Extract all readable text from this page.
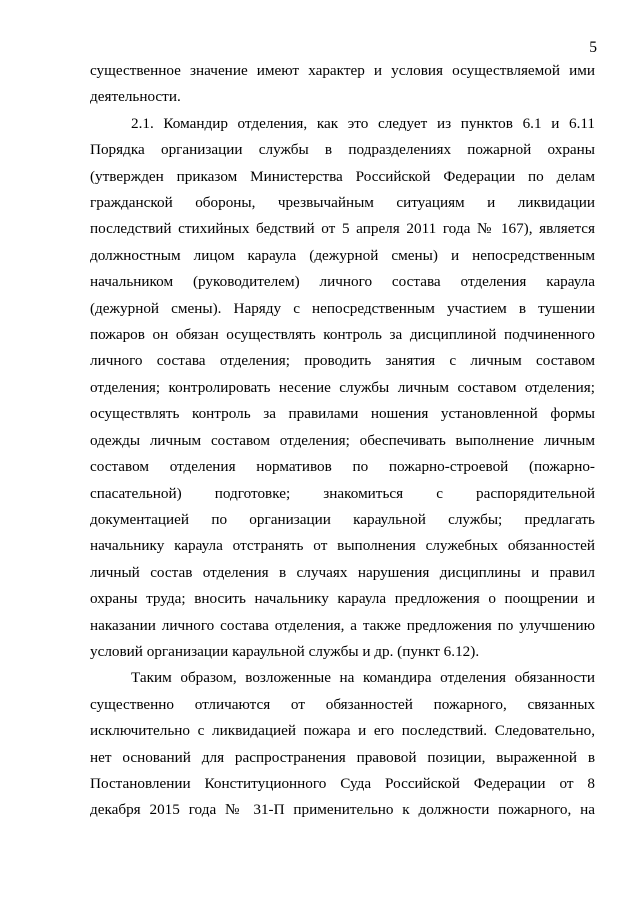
5
существенное значение имеют характер и условия осуществляемой ими
деятельности.
2.1. Командир отделения, как это следует из пунктов 6.1 и 6.11
Порядка организации службы в подразделениях пожарной охраны
(утвержден приказом Министерства Российской Федерации по делам
гражданской обороны, чрезвычайным ситуациям и ликвидации
последствий стихийных бедствий от 5 апреля 2011 года № 167), является
должностным лицом караула (дежурной смены) и непосредственным
начальником (руководителем) личного состава отделения караула
(дежурной смены). Наряду с непосредственным участием в тушении
пожаров он обязан осуществлять контроль за дисциплиной подчиненного
личного состава отделения; проводить занятия с личным составом
отделения; контролировать несение службы личным составом отделения;
осуществлять контроль за правилами ношения установленной формы
одежды личным составом отделения; обеспечивать выполнение личным
составом отделения нормативов по пожарно-строевой (пожарно-
спасательной) подготовке; знакомиться с распорядительной
документацией по организации караульной службы; предлагать
начальнику караула отстранять от выполнения служебных обязанностей
личный состав отделения в случаях нарушения дисциплины и правил
охраны труда; вносить начальнику караула предложения о поощрении и
наказании личного состава отделения, а также предложения по улучшению
условий организации караульной службы и др. (пункт 6.12).
Таким образом, возложенные на командира отделения обязанности
существенно отличаются от обязанностей пожарного, связанных
исключительно с ликвидацией пожара и его последствий. Следовательно,
нет оснований для распространения правовой позиции, выраженной в
Постановлении Конституционного Суда Российской Федерации от 8
декабря 2015 года № 31-П применительно к должности пожарного, на
